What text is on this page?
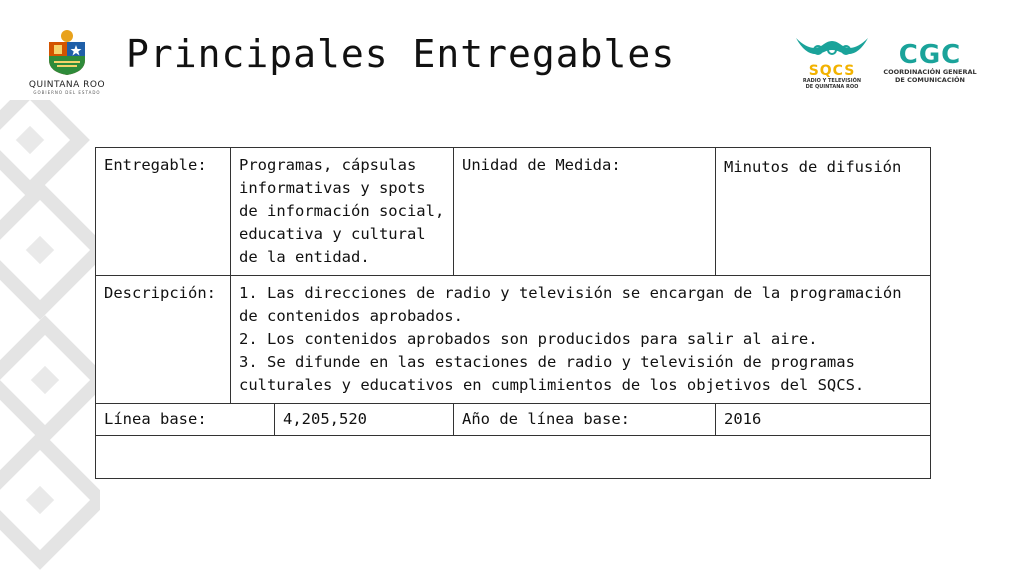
QUINTANA ROO
GOBIERNO DEL ESTADO
Principales Entregables	SQCS
RADIO Y TELEVISIÓN
DE QUINTANA ROO
CGC
COORDINACIÓN GENERAL
DE COMUNICACIÓN
Entregable:	Programas, cápsulas informativas y spots de información social, educativa y cultural de la entidad.		Unidad de Medida:	Minutos de difusión
Descripción:	1. Las direcciones de radio y televisión se encargan de la programación de contenidos aprobados.
2. Los contenidos aprobados son producidos para salir al aire.
3. Se difunde en las estaciones de radio y televisión de programas culturales y educativos en cumplimientos de los objetivos del SQCS.			

Línea base:		4,205,520	Año de línea base:	2016
